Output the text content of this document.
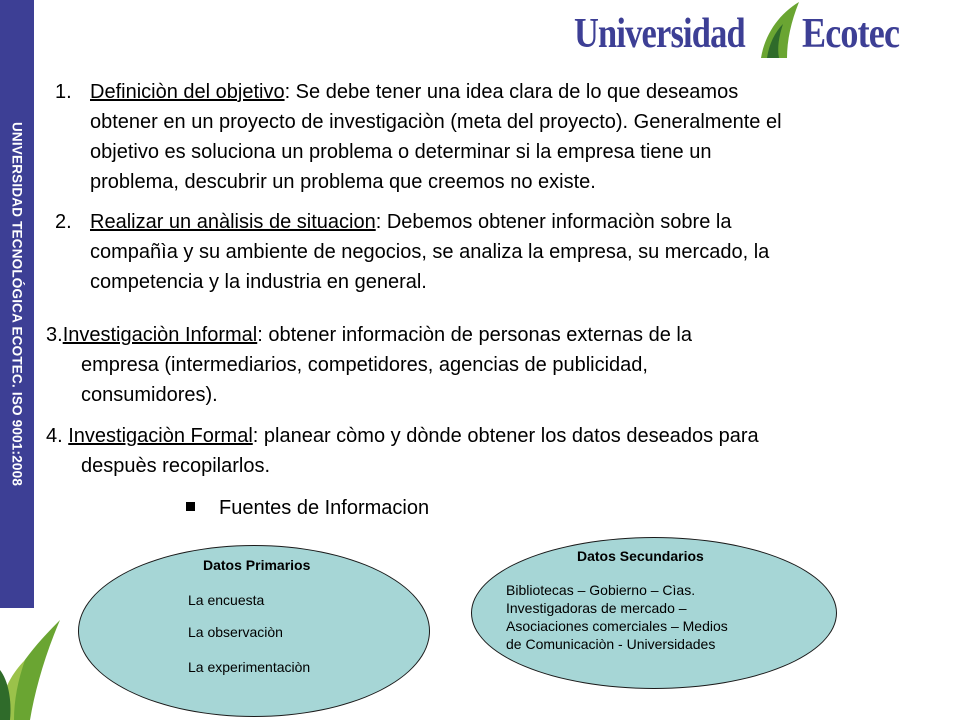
UNIVERSIDAD TECNOLÓGICA ECOTEC. ISO 9001:2008
Universidad Ecotec
1. Definiciòn del objetivo: Se debe tener una idea clara de lo que deseamos
obtener en un proyecto de investigaciòn (meta del proyecto). Generalmente el
objetivo es soluciona un problema o determinar si la empresa tiene un
problema, descubrir un problema que creemos no existe.
2. Realizar un anàlisis de situacion: Debemos obtener informaciòn sobre la
compañìa y su ambiente de negocios, se analiza la empresa, su mercado, la
competencia y la industria en general.
3.Investigaciòn Informal: obtener informaciòn de personas externas de la
empresa (intermediarios, competidores, agencias de publicidad,
consumidores).
4. Investigaciòn Formal: planear còmo y dònde obtener los datos deseados para
despuès recopilarlos.
Fuentes de Informacion
Datos Primarios
La encuesta
La observaciòn
La experimentaciòn
Datos Secundarios
Bibliotecas – Gobierno – Cìas.
Investigadoras de mercado –
Asociaciones comerciales – Medios
de Comunicaciòn - Universidades
